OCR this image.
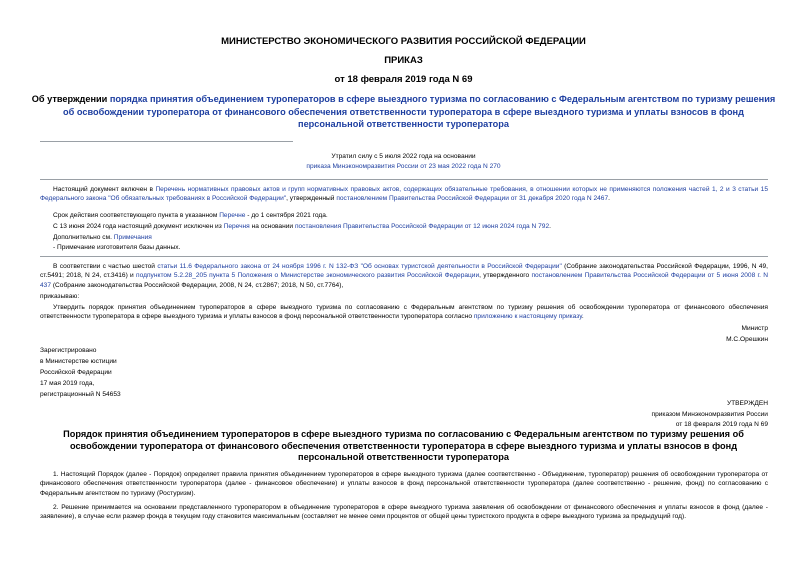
МИНИСТЕРСТВО ЭКОНОМИЧЕСКОГО РАЗВИТИЯ РОССИЙСКОЙ ФЕДЕРАЦИИ
ПРИКАЗ
от 18 февраля 2019 года N 69
Об утверждении порядка принятия объединением туроператоров в сфере выездного туризма по согласованию с Федеральным агентством по туризму решения об освобождении туроператора от финансового обеспечения ответственности туроператора в сфере выездного туризма и уплаты взносов в фонд персональной ответственности туроператора
Утратил силу с 5 июля 2022 года на основании
приказа Минэкономразвития России от 23 мая 2022 года N 270
Настоящий документ включен в Перечень нормативных правовых актов и групп нормативных правовых актов, содержащих обязательные требования, в отношении которых не применяются положения частей 1, 2 и 3 статьи 15 Федерального закона "Об обязательных требованиях в Российской Федерации", утвержденный постановлением Правительства Российской Федерации от 31 декабря 2020 года N 2467.
Срок действия соответствующего пункта в указанном Перечне - до 1 сентября 2021 года.
С 13 июня 2024 года настоящий документ исключен из Перечня на основании постановления Правительства Российской Федерации от 12 июня 2024 года N 792.
Дополнительно см. Примечания
- Примечание изготовителя базы данных.
В соответствии с частью шестой статьи 11.6 Федерального закона от 24 ноября 1996 г. N 132-ФЗ "Об основах туристской деятельности в Российской Федерации" (Собрание законодательства Российской Федерации, 1996, N 49, ст.5491; 2018, N 24, ст.3416) и подпунктом 5.2.28_205 пункта 5 Положения о Министерстве экономического развития Российской Федерации, утвержденного постановлением Правительства Российской Федерации от 5 июня 2008 г. N 437 (Собрание законодательства Российской Федерации, 2008, N 24, ст.2867; 2018, N 50, ст.7764),
приказываю:
Утвердить порядок принятия объединением туроператоров в сфере выездного туризма по согласованию с Федеральным агентством по туризму решения об освобождении туроператора от финансового обеспечения ответственности туроператора в сфере выездного туризма и уплаты взносов в фонд персональной ответственности туроператора согласно приложению к настоящему приказу.
Министр
М.С.Орешкин
Зарегистрировано
в Министерстве юстиции
Российской Федерации
17 мая 2019 года,
регистрационный N 54653
УТВЕРЖДЕН
приказом Минэкономразвития России
от 18 февраля 2019 года N 69
Порядок принятия объединением туроператоров в сфере выездного туризма по согласованию с Федеральным агентством по туризму решения об освобождении туроператора от финансового обеспечения ответственности туроператора в сфере выездного туризма и уплаты взносов в фонд персональной ответственности туроператора
1. Настоящий Порядок (далее - Порядок) определяет правила принятия объединением туроператоров в сфере выездного туризма (далее соответственно - Объединение, туроператор) решения об освобождении туроператора от финансового обеспечения ответственности туроператора (далее - финансовое обеспечение) и уплаты взносов в фонд персональной ответственности туроператора (далее соответственно - решение, фонд) по согласованию с Федеральным агентством по туризму (Ростуризм).
2. Решение принимается на основании представленного туроператором в объединение туроператоров в сфере выездного туризма заявления об освобождении от финансового обеспечения и уплаты взносов в фонд (далее - заявление), в случае если размер фонда в текущем году становится максимальным (составляет не менее семи процентов от общей цены туристского продукта в сфере выездного туризма за предыдущий год).
